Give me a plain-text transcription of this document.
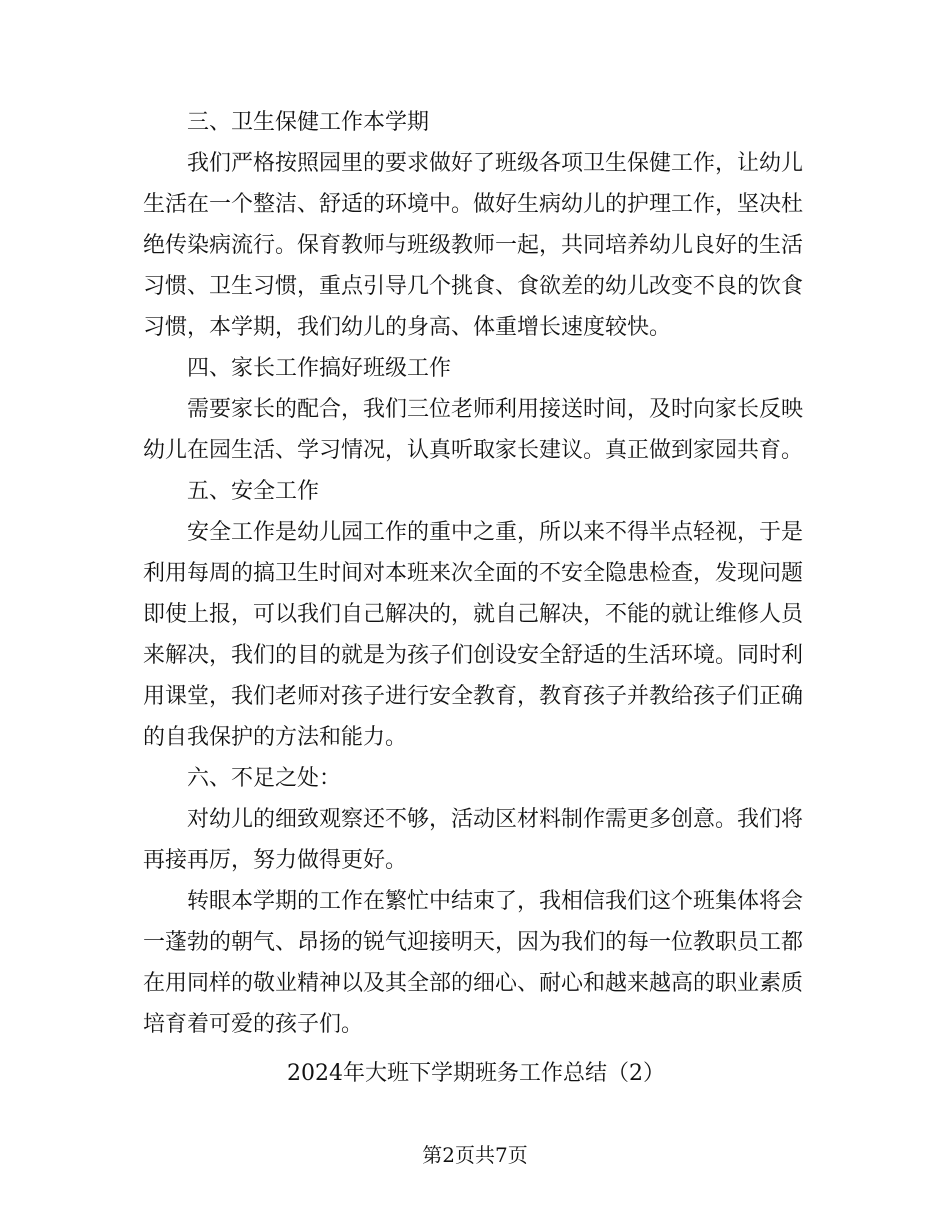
三、卫生保健工作本学期
我们严格按照园里的要求做好了班级各项卫生保健工作，让幼儿
生活在一个整洁、舒适的环境中。做好生病幼儿的护理工作，坚决杜
绝传染病流行。保育教师与班级教师一起，共同培养幼儿良好的生活
习惯、卫生习惯，重点引导几个挑食、食欲差的幼儿改变不良的饮食
习惯，本学期，我们幼儿的身高、体重增长速度较快。
四、家长工作搞好班级工作
需要家长的配合，我们三位老师利用接送时间，及时向家长反映
幼儿在园生活、学习情况，认真听取家长建议。真正做到家园共育。
五、安全工作
安全工作是幼儿园工作的重中之重，所以来不得半点轻视，于是
利用每周的搞卫生时间对本班来次全面的不安全隐患检查，发现问题
即使上报，可以我们自己解决的，就自己解决，不能的就让维修人员
来解决，我们的目的就是为孩子们创设安全舒适的生活环境。同时利
用课堂，我们老师对孩子进行安全教育，教育孩子并教给孩子们正确
的自我保护的方法和能力。
六、不足之处：
对幼儿的细致观察还不够，活动区材料制作需更多创意。我们将
再接再厉，努力做得更好。
转眼本学期的工作在繁忙中结束了，我相信我们这个班集体将会
一蓬勃的朝气、昂扬的锐气迎接明天，因为我们的每一位教职员工都
在用同样的敬业精神以及其全部的细心、耐心和越来越高的职业素质
培育着可爱的孩子们。
2024年大班下学期班务工作总结（2）
第2页共7页
